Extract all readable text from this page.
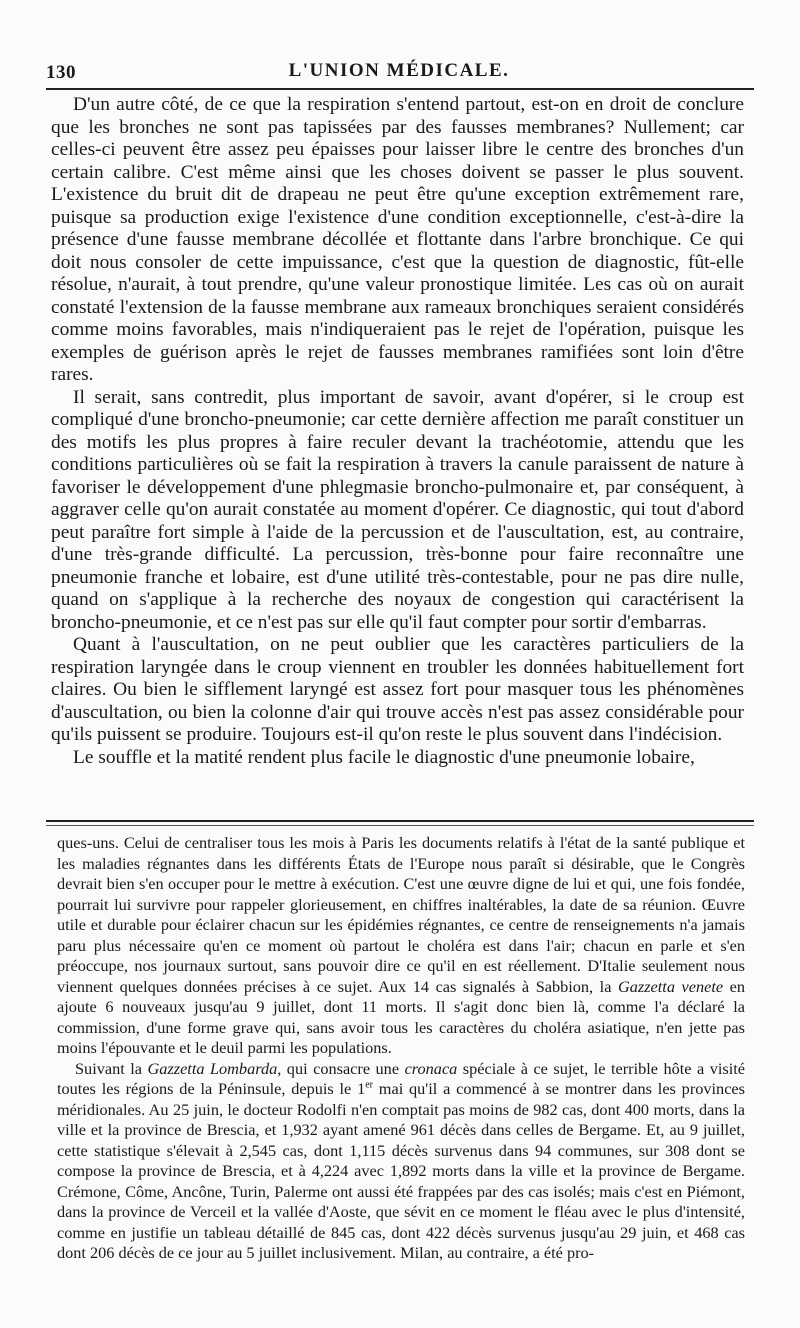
130	L'UNION MÉDICALE.

D'un autre côté, de ce que la respiration s'entend partout, est-on en droit de conclure que les bronches ne sont pas tapissées par des fausses membranes? Nullement; car celles-ci peuvent être assez peu épaisses pour laisser libre le centre des bronches d'un certain calibre. C'est même ainsi que les choses doivent se passer le plus souvent. L'existence du bruit dit de drapeau ne peut être qu'une exception extrêmement rare, puisque sa production exige l'existence d'une condition exceptionnelle, c'est-à-dire la présence d'une fausse membrane décollée et flottante dans l'arbre bronchique. Ce qui doit nous consoler de cette impuissance, c'est que la question de diagnostic, fût-elle résolue, n'aurait, à tout prendre, qu'une valeur pronostique limitée. Les cas où on aurait constaté l'extension de la fausse membrane aux rameaux bronchiques seraient considérés comme moins favorables, mais n'indiqueraient pas le rejet de l'opération, puisque les exemples de guérison après le rejet de fausses membranes ramifiées sont loin d'être rares.

Il serait, sans contredit, plus important de savoir, avant d'opérer, si le croup est compliqué d'une broncho-pneumonie; car cette dernière affection me paraît constituer un des motifs les plus propres à faire reculer devant la trachéotomie, attendu que les conditions particulières où se fait la respiration à travers la canule paraissent de nature à favoriser le développement d'une phlegmasie broncho-pulmonaire et, par conséquent, à aggraver celle qu'on aurait constatée au moment d'opérer. Ce diagnostic, qui tout d'abord peut paraître fort simple à l'aide de la percussion et de l'auscultation, est, au contraire, d'une très-grande difficulté. La percussion, très-bonne pour faire reconnaître une pneumonie franche et lobaire, est d'une utilité très-contestable, pour ne pas dire nulle, quand on s'applique à la recherche des noyaux de congestion qui caractérisent la broncho-pneumonie, et ce n'est pas sur elle qu'il faut compter pour sortir d'embarras.

Quant à l'auscultation, on ne peut oublier que les caractères particuliers de la respiration laryngée dans le croup viennent en troubler les données habituellement fort claires. Ou bien le sifflement laryngé est assez fort pour masquer tous les phénomènes d'auscultation, ou bien la colonne d'air qui trouve accès n'est pas assez considérable pour qu'ils puissent se produire. Toujours est-il qu'on reste le plus souvent dans l'indécision.

Le souffle et la matité rendent plus facile le diagnostic d'une pneumonie lobaire,

ques-uns. Celui de centraliser tous les mois à Paris les documents relatifs à l'état de la santé publique et les maladies régnantes dans les différents États de l'Europe nous paraît si désirable, que le Congrès devrait bien s'en occuper pour le mettre à exécution. C'est une œuvre digne de lui et qui, une fois fondée, pourrait lui survivre pour rappeler glorieusement, en chiffres inaltérables, la date de sa réunion. Œuvre utile et durable pour éclairer chacun sur les épidémies régnantes, ce centre de renseignements n'a jamais paru plus nécessaire qu'en ce moment où partout le choléra est dans l'air; chacun en parle et s'en préoccupe, nos journaux surtout, sans pouvoir dire ce qu'il en est réellement. D'Italie seulement nous viennent quelques données précises à ce sujet. Aux 14 cas signalés à Sabbion, la Gazzetta venete en ajoute 6 nouveaux jusqu'au 9 juillet, dont 11 morts. Il s'agit donc bien là, comme l'a déclaré la commission, d'une forme grave qui, sans avoir tous les caractères du choléra asiatique, n'en jette pas moins l'épouvante et le deuil parmi les populations.

Suivant la Gazzetta Lombarda, qui consacre une cronaca spéciale à ce sujet, le terrible hôte a visité toutes les régions de la Péninsule, depuis le 1er mai qu'il a commencé à se montrer dans les provinces méridionales. Au 25 juin, le docteur Rodolfi n'en comptait pas moins de 982 cas, dont 400 morts, dans la ville et la province de Brescia, et 1,932 ayant amené 961 décès dans celles de Bergame. Et, au 9 juillet, cette statistique s'élevait à 2,545 cas, dont 1,115 décès survenus dans 94 communes, sur 308 dont se compose la province de Brescia, et à 4,224 avec 1,892 morts dans la ville et la province de Bergame. Crémone, Côme, Ancône, Turin, Palerme ont aussi été frappées par des cas isolés; mais c'est en Piémont, dans la province de Verceil et la vallée d'Aoste, que sévit en ce moment le fléau avec le plus d'intensité, comme en justifie un tableau détaillé de 845 cas, dont 422 décès survenus jusqu'au 29 juin, et 468 cas dont 206 décès de ce jour au 5 juillet inclusivement. Milan, au contraire, a été pro-
